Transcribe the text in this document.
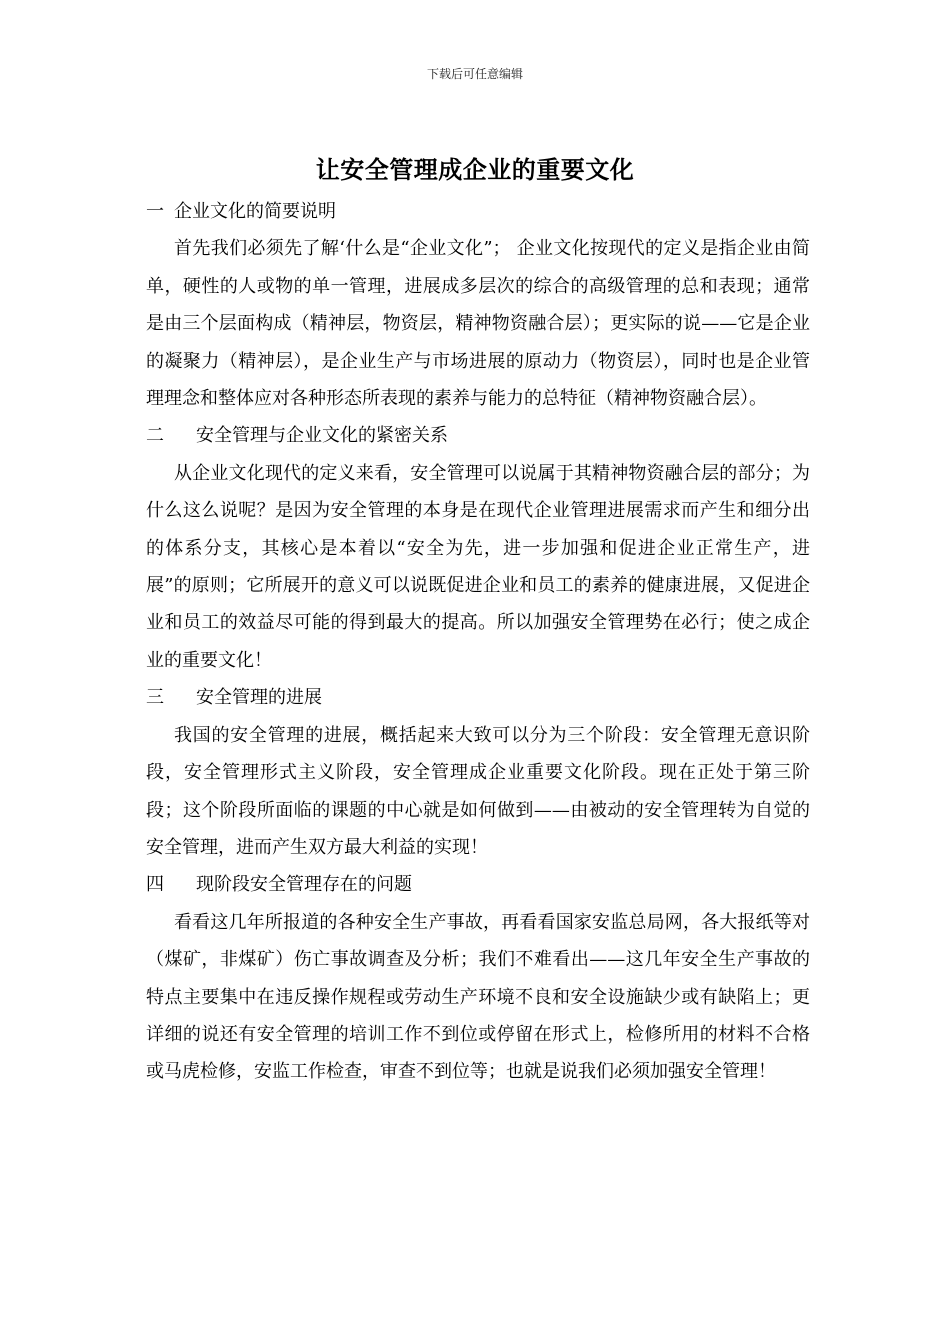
下载后可任意编辑
让安全管理成企业的重要文化

一 企业文化的简要说明

首先我们必须先了解‘什么是“企业文化”； 企业文化按现代的定义是指企业由简单，硬性的人或物的单一管理，进展成多层次的综合的高级管理的总和表现；通常是由三个层面构成（精神层，物资层，精神物资融合层）；更实际的说——它是企业的凝聚力（精神层），是企业生产与市场进展的原动力（物资层），同时也是企业管理理念和整体应对各种形态所表现的素养与能力的总特征（精神物资融合层）。

二 安全管理与企业文化的紧密关系

从企业文化现代的定义来看，安全管理可以说属于其精神物资融合层的部分；为什么这么说呢？是因为安全管理的本身是在现代企业管理进展需求而产生和细分出的体系分支，其核心是本着以“安全为先，进一步加强和促进企业正常生产，进展”的原则；它所展开的意义可以说既促进企业和员工的素养的健康进展，又促进企业和员工的效益尽可能的得到最大的提高。所以加强安全管理势在必行；使之成企业的重要文化！

三 安全管理的进展

我国的安全管理的进展，概括起来大致可以分为三个阶段：安全管理无意识阶段，安全管理形式主义阶段，安全管理成企业重要文化阶段。现在正处于第三阶段；这个阶段所面临的课题的中心就是如何做到——由被动的安全管理转为自觉的安全管理，进而产生双方最大利益的实现！

四 现阶段安全管理存在的问题

看看这几年所报道的各种安全生产事故，再看看国家安监总局网，各大报纸等对（煤矿，非煤矿）伤亡事故调查及分析；我们不难看出——这几年安全生产事故的特点主要集中在违反操作规程或劳动生产环境不良和安全设施缺少或有缺陷上；更详细的说还有安全管理的培训工作不到位或停留在形式上，检修所用的材料不合格或马虎检修，安监工作检查，审查不到位等；也就是说我们必须加强安全管理！
